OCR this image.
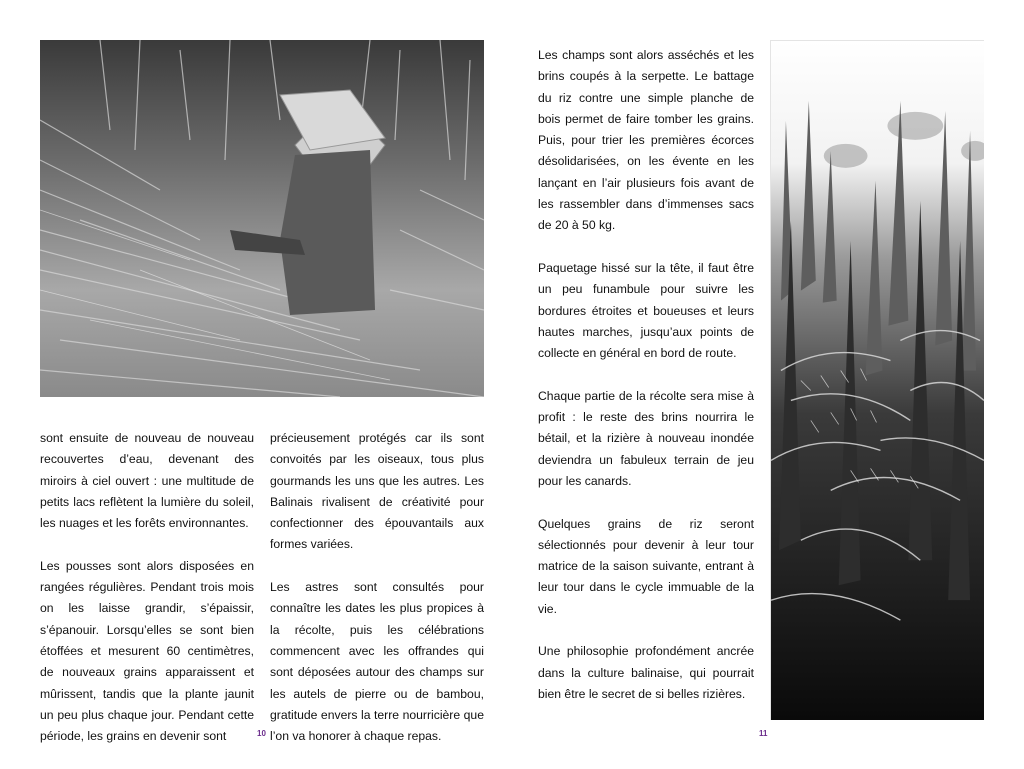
sont ensuite de nouveau de nouveau recouvertes d’eau, devenant des miroirs à ciel ouvert : une multitude de petits lacs reflètent la lumière du soleil, les nuages et les forêts environnantes.

Les pousses sont alors disposées en rangées régulières. Pendant trois mois on les laisse grandir, s’épaissir, s’épanouir. Lorsqu’elles se sont bien étoffées et mesurent 60 centimètres, de nouveaux grains apparaissent et mûrissent, tandis que la plante jaunit un peu plus chaque jour. Pendant cette période, les grains en devenir sont

précieusement protégés car ils sont convoités par les oiseaux, tous plus gourmands les uns que les autres. Les Balinais rivalisent de créativité pour confectionner des épouvantails aux formes variées.

Les astres sont consultés pour connaître les dates les plus propices à la récolte, puis les célébrations commencent avec les offrandes qui sont déposées autour des champs sur les autels de pierre ou de bambou, gratitude envers la terre nourricière que l’on va honorer à chaque repas.

10

Les champs sont alors asséchés et les brins coupés à la serpette. Le battage du riz contre une simple planche de bois permet de faire tomber les grains. Puis, pour trier les premières écorces désolidarisées, on les évente en les lançant en l’air plusieurs fois avant de les rassembler dans d’immenses sacs de 20 à 50 kg.

Paquetage hissé sur la tête, il faut être un peu funambule pour suivre les bordures étroites et boueuses et leurs hautes marches, jusqu’aux points de collecte en général en bord de route.

Chaque partie de la récolte sera mise à profit : le reste des brins nourrira le bétail, et la rizière à nouveau inondée deviendra un fabuleux terrain de jeu pour les canards.

Quelques grains de riz seront sélectionnés pour devenir à leur tour matrice de la saison suivante, entrant à leur tour dans le cycle immuable de la vie.

Une philosophie profondément ancrée dans la culture balinaise, qui pourrait bien être le secret de si belles rizières.

11
